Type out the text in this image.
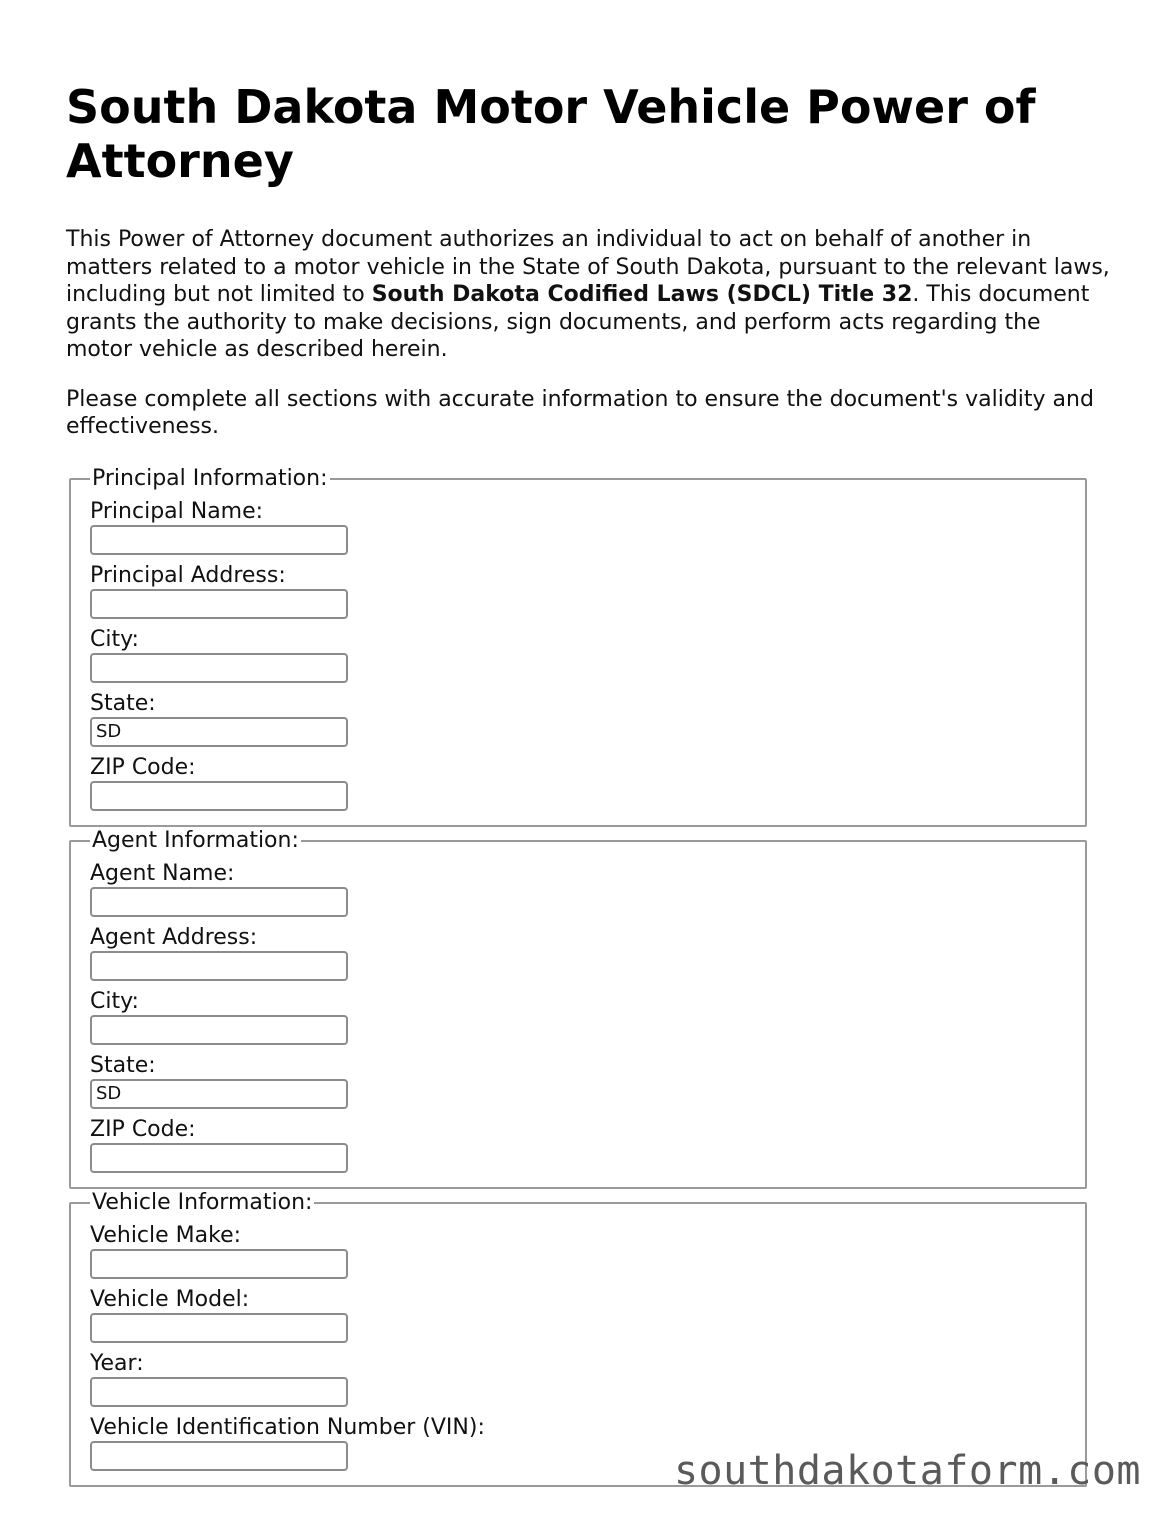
South Dakota Motor Vehicle Power of Attorney

This Power of Attorney document authorizes an individual to act on behalf of another in matters related to a motor vehicle in the State of South Dakota, pursuant to the relevant laws, including but not limited to South Dakota Codified Laws (SDCL) Title 32. This document grants the authority to make decisions, sign documents, and perform acts regarding the motor vehicle as described herein.

Please complete all sections with accurate information to ensure the document's validity and effectiveness.

Principal Information:
Principal Name:
Principal Address:
City:
State:
SD
ZIP Code:
Agent Information:
Agent Name:
Agent Address:
City:
State:
SD
ZIP Code:
Vehicle Information:
Vehicle Make:
Vehicle Model:
Year:
Vehicle Identification Number (VIN):
southdakotaform.com
